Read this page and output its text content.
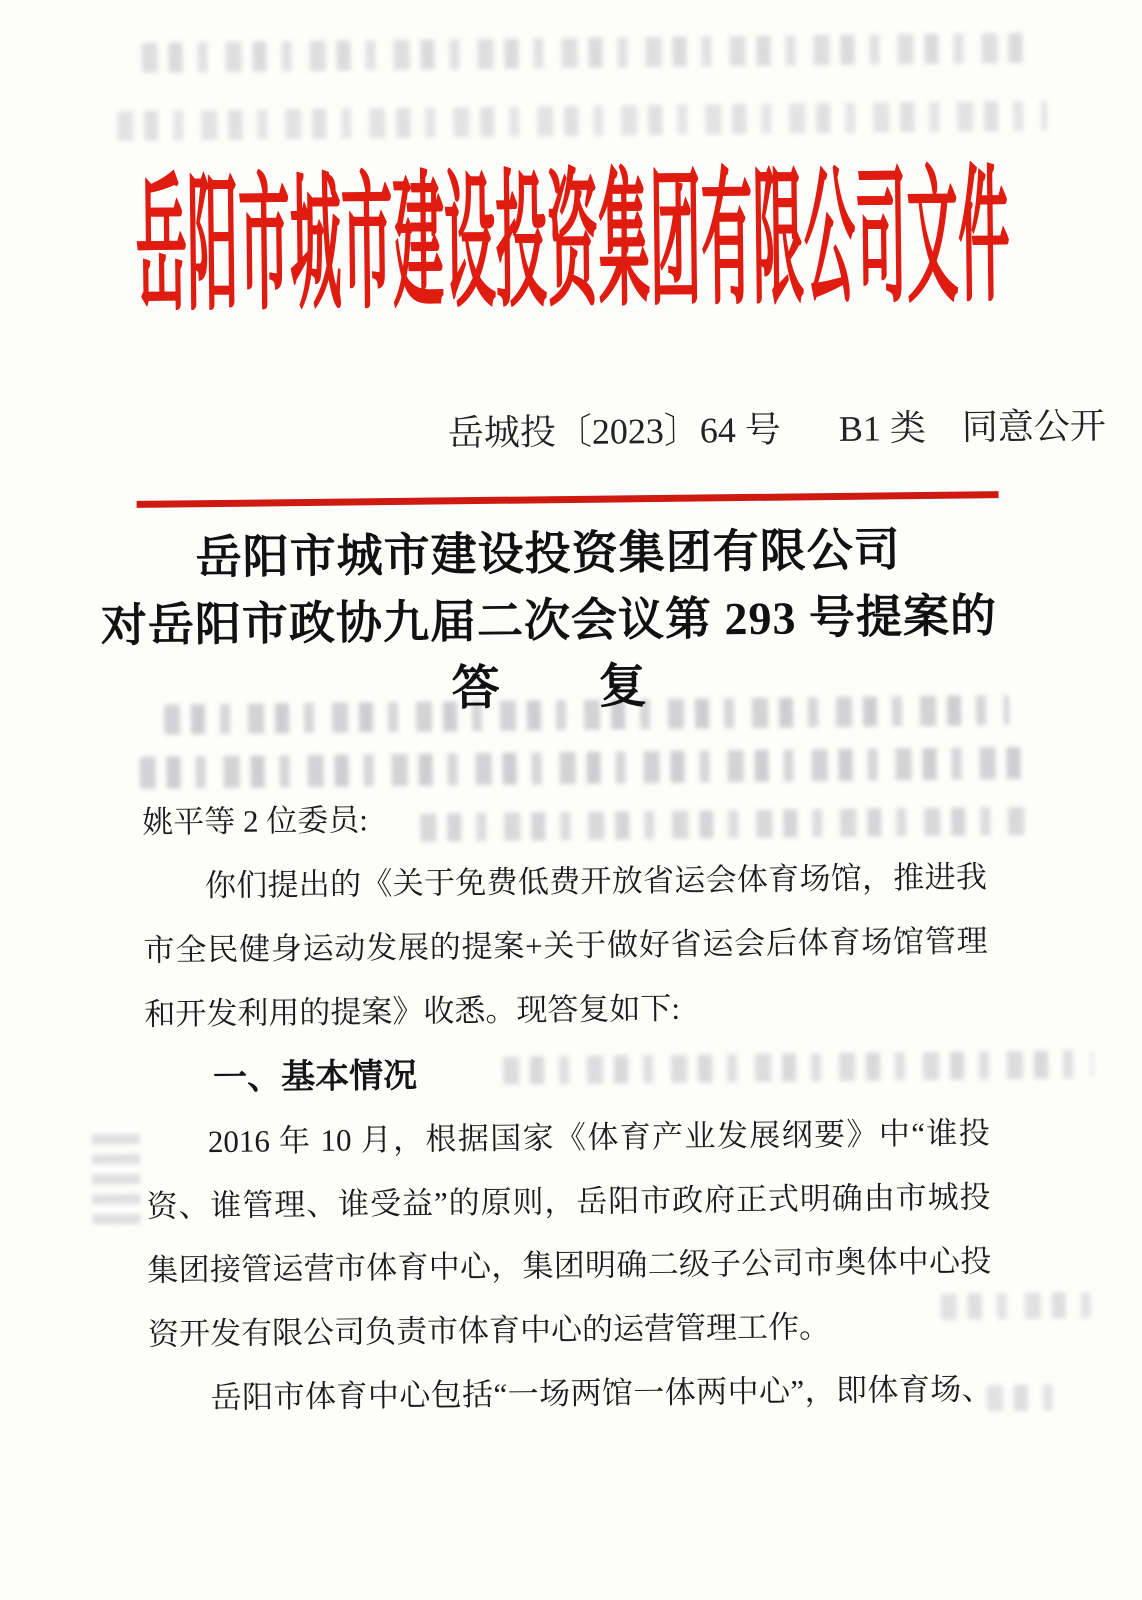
岳阳市城市建设投资集团有限公司文件
岳城投〔2023〕64 号 B1 类　同意公开
岳阳市城市建设投资集团有限公司
对岳阳市政协九届二次会议第 293 号提案的
答　　复
姚平等 2 位委员:
你们提出的《关于免费低费开放省运会体育场馆，推进我
市全民健身运动发展的提案+关于做好省运会后体育场馆管理
和开发利用的提案》收悉。现答复如下:
一、基本情况
2016 年 10 月，根据国家《体育产业发展纲要》中“谁投
资、谁管理、谁受益”的原则，岳阳市政府正式明确由市城投
集团接管运营市体育中心，集团明确二级子公司市奥体中心投
资开发有限公司负责市体育中心的运营管理工作。
岳阳市体育中心包括“一场两馆一体两中心”，即体育场、
